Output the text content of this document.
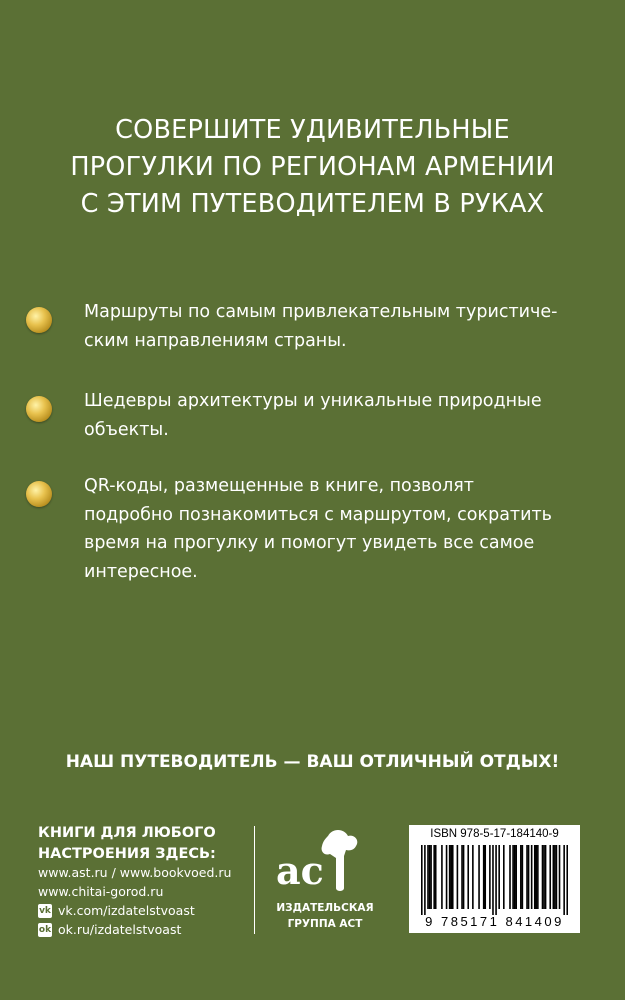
СОВЕРШИТЕ УДИВИТЕЛЬНЫЕ
ПРОГУЛКИ ПО РЕГИОНАМ АРМЕНИИ
С ЭТИМ ПУТЕВОДИТЕЛЕМ В РУКАХ
Маршруты по самым привлекательным туристиче-
ским направлениям страны.
Шедевры архитектуры и уникальные природные
объекты.
QR-коды, размещенные в книге, позволят
подробно познакомиться с маршрутом, сократить
время на прогулку и помогут увидеть все самое
интересное.
НАШ ПУТЕВОДИТЕЛЬ — ВАШ ОТЛИЧНЫЙ ОТДЫХ!
КНИГИ ДЛЯ ЛЮБОГО
НАСТРОЕНИЯ ЗДЕСЬ:
www.ast.ru / www.bookvoed.ru
www.chitai-gorod.ru
vk vk.com/izdatelstvoast
ok ok.ru/izdatelstvoast
ac
ИЗДАТЕЛЬСКАЯ
ГРУППА АСТ
ISBN 978-5-17-184140-9
9 785171 841409
